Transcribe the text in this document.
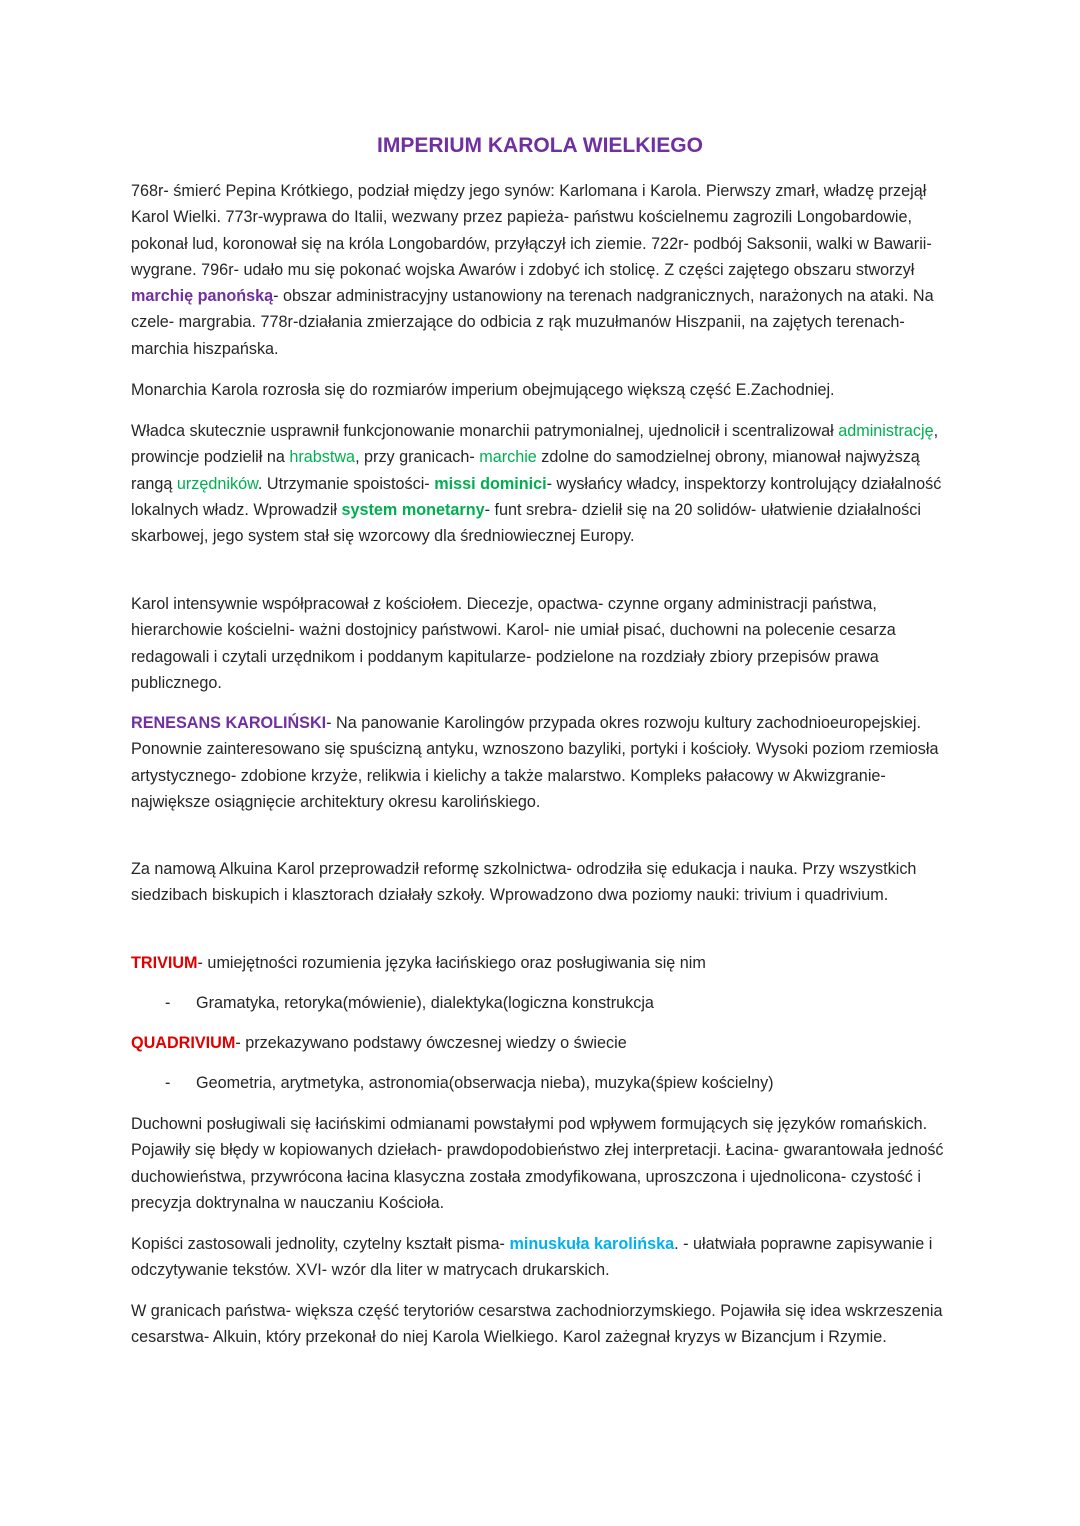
IMPERIUM KAROLA WIELKIEGO

768r- śmierć Pepina Krótkiego, podział między jego synów: Karlomana i Karola. Pierwszy zmarł, władzę przejął Karol Wielki. 773r-wyprawa do Italii, wezwany przez papieża- państwu kościelnemu zagrozili Longobardowie, pokonał lud, koronował się na króla Longobardów, przyłączył ich ziemie. 722r- podbój Saksonii, walki w Bawarii- wygrane. 796r- udało mu się pokonać wojska Awarów i zdobyć ich stolicę. Z części zajętego obszaru stworzył marchię panońską- obszar administracyjny ustanowiony na terenach nadgranicznych, narażonych na ataki. Na czele- margrabia. 778r-działania zmierzające do odbicia z rąk muzułmanów Hiszpanii, na zajętych terenach- marchia hiszpańska.

Monarchia Karola rozrosła się do rozmiarów imperium obejmującego większą część E.Zachodniej.

Władca skutecznie usprawnił funkcjonowanie monarchii patrymonialnej, ujednolicił i scentralizował administrację, prowincje podzielił na hrabstwa, przy granicach- marchie zdolne do samodzielnej obrony, mianował najwyższą rangą urzędników. Utrzymanie spoistości- missi dominici- wysłańcy władcy, inspektorzy kontrolujący działalność lokalnych władz. Wprowadził system monetarny- funt srebra- dzielił się na 20 solidów- ułatwienie działalności skarbowej, jego system stał się wzorcowy dla średniowiecznej Europy.

Karol intensywnie współpracował z kościołem. Diecezje, opactwa- czynne organy administracji państwa, hierarchowie kościelni- ważni dostojnicy państwowi. Karol- nie umiał pisać, duchowni na polecenie cesarza redagowali i czytali urzędnikom i poddanym kapitularze- podzielone na rozdziały zbiory przepisów prawa publicznego.

RENESANS KAROLIŃSKI- Na panowanie Karolingów przypada okres rozwoju kultury zachodnioeuropejskiej. Ponownie zainteresowano się spuścizną antyku, wznoszono bazyliki, portyki i kościoły. Wysoki poziom rzemiosła artystycznego- zdobione krzyże, relikwia i kielichy a także malarstwo. Kompleks pałacowy w Akwizgranie- największe osiągnięcie architektury okresu karolińskiego.

Za namową Alkuina Karol przeprowadził reformę szkolnictwa- odrodziła się edukacja i nauka. Przy wszystkich siedzibach biskupich i klasztorach działały szkoły. Wprowadzono dwa poziomy nauki: trivium i quadrivium.

TRIVIUM- umiejętności rozumienia języka łacińskiego oraz posługiwania się nim

- Gramatyka, retoryka(mówienie), dialektyka(logiczna konstrukcja

QUADRIVIUM- przekazywano podstawy ówczesnej wiedzy o świecie

- Geometria, arytmetyka, astronomia(obserwacja nieba), muzyka(śpiew kościelny)

Duchowni posługiwali się łacińskimi odmianami powstałymi pod wpływem formujących się języków romańskich. Pojawiły się błędy w kopiowanych dziełach- prawdopodobieństwo złej interpretacji. Łacina- gwarantowała jedność duchowieństwa, przywrócona łacina klasyczna została zmodyfikowana, uproszczona i ujednolicona- czystość i precyzja doktrynalna w nauczaniu Kościoła.

Kopiści zastosowali jednolity, czytelny kształt pisma- minuskuła karolińska. - ułatwiała poprawne zapisywanie i odczytywanie tekstów. XVI- wzór dla liter w matrycach drukarskich.

W granicach państwa- większa część terytoriów cesarstwa zachodniorzymskiego. Pojawiła się idea wskrzeszenia cesarstwa- Alkuin, który przekonał do niej Karola Wielkiego. Karol zażegnał kryzys w Bizancjum i Rzymie.
